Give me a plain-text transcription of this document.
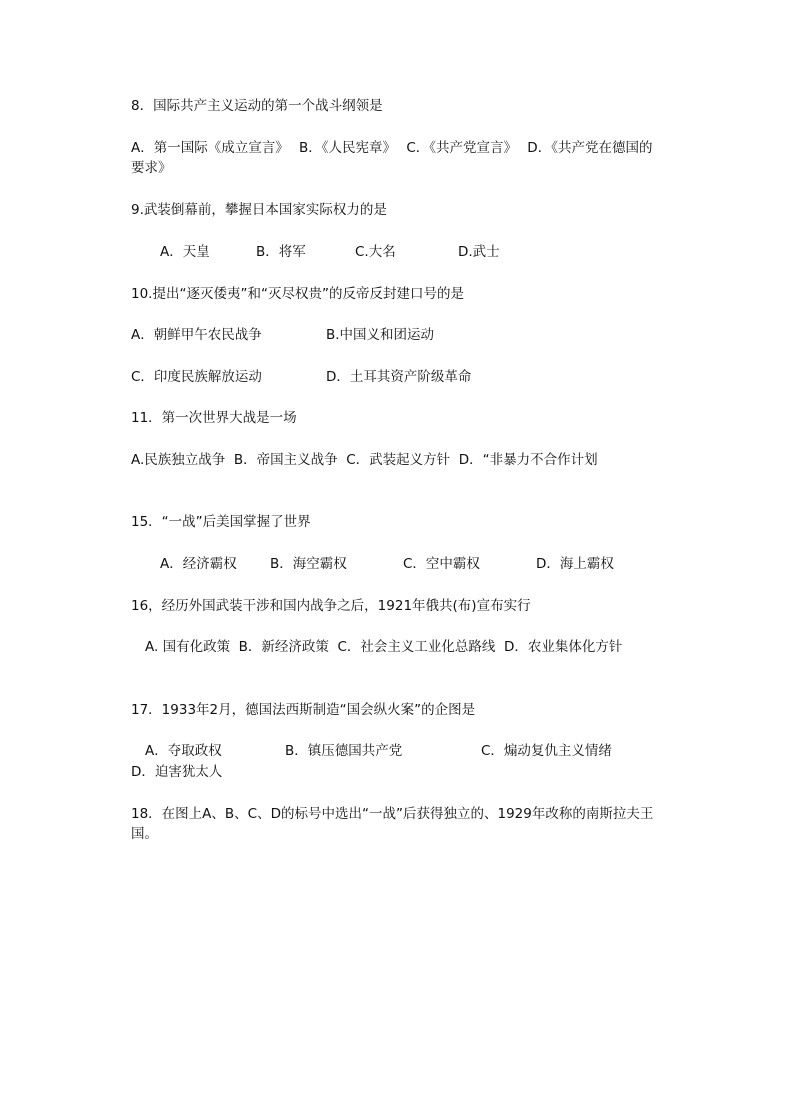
8．国际共产主义运动的第一个战斗纲领是
A．第一国际《成立宣言》 B．《人民宪章》 C．《共产党宣言》 D．《共产党在德国的要求》
9.武装倒幕前，攀握日本国家实际权力的是
A．天皇	B．将军	C.大名	D.武士
10.提出“逐灭倭夷”和“灭尽权贵”的反帝反封建口号的是
A．朝鲜甲午农民战争	B.中国义和团运动
C．印度民族解放运动	D．土耳其资产阶级革命
11．第一次世界大战是一场
A.民族独立战争  B．帝国主义战争  C．武装起义方针  D．“非暴力不合作计划
15．“一战”后美国掌握了世界
A．经济霸权 B．海空霸权	C．空中霸权	D．海上霸权
16，经历外国武装干涉和国内战争之后，1921年俄共(布)宣布实行
A. 国有化政策  B．新经济政策  C．社会主义工业化总路线  D．农业集体化方针
17．1933年2月，德国法西斯制造“国会纵火案”的企图是
A．夺取政权	B．镇压德国共产党	C．煽动复仇主义情绪
D．迫害犹太人
18．在图上A、B、C、D的标号中选出“一战”后获得独立的、1929年改称的南斯拉夫王国。
